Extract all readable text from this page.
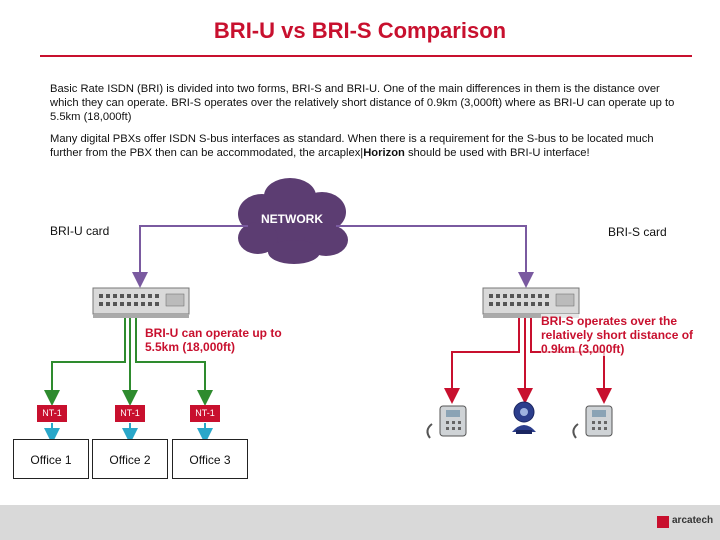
BRI-U vs BRI-S Comparison
Basic Rate ISDN (BRI) is divided into two forms, BRI-S and BRI-U. One of the main differences in them is the distance over which they can operate. BRI-S operates over the relatively short distance of 0.9km (3,000ft) where as BRI-U can operate up to 5.5km (18,000ft)
Many digital PBXs offer ISDN S-bus interfaces as standard. When there is a requirement for the S-bus to be located much further from the PBX then can be accommodated, the arcaplex|Horizon should be used with BRI-U interface!
NETWORK
BRI-U card	BRI-S card
BRI-U can operate up to 5.5km (18,000ft)
BRI-S operates over the relatively short distance of 0.9km (3,000ft)
NT-1	NT-1	NT-1
Office 1	Office 2	Office 3
arcatech
